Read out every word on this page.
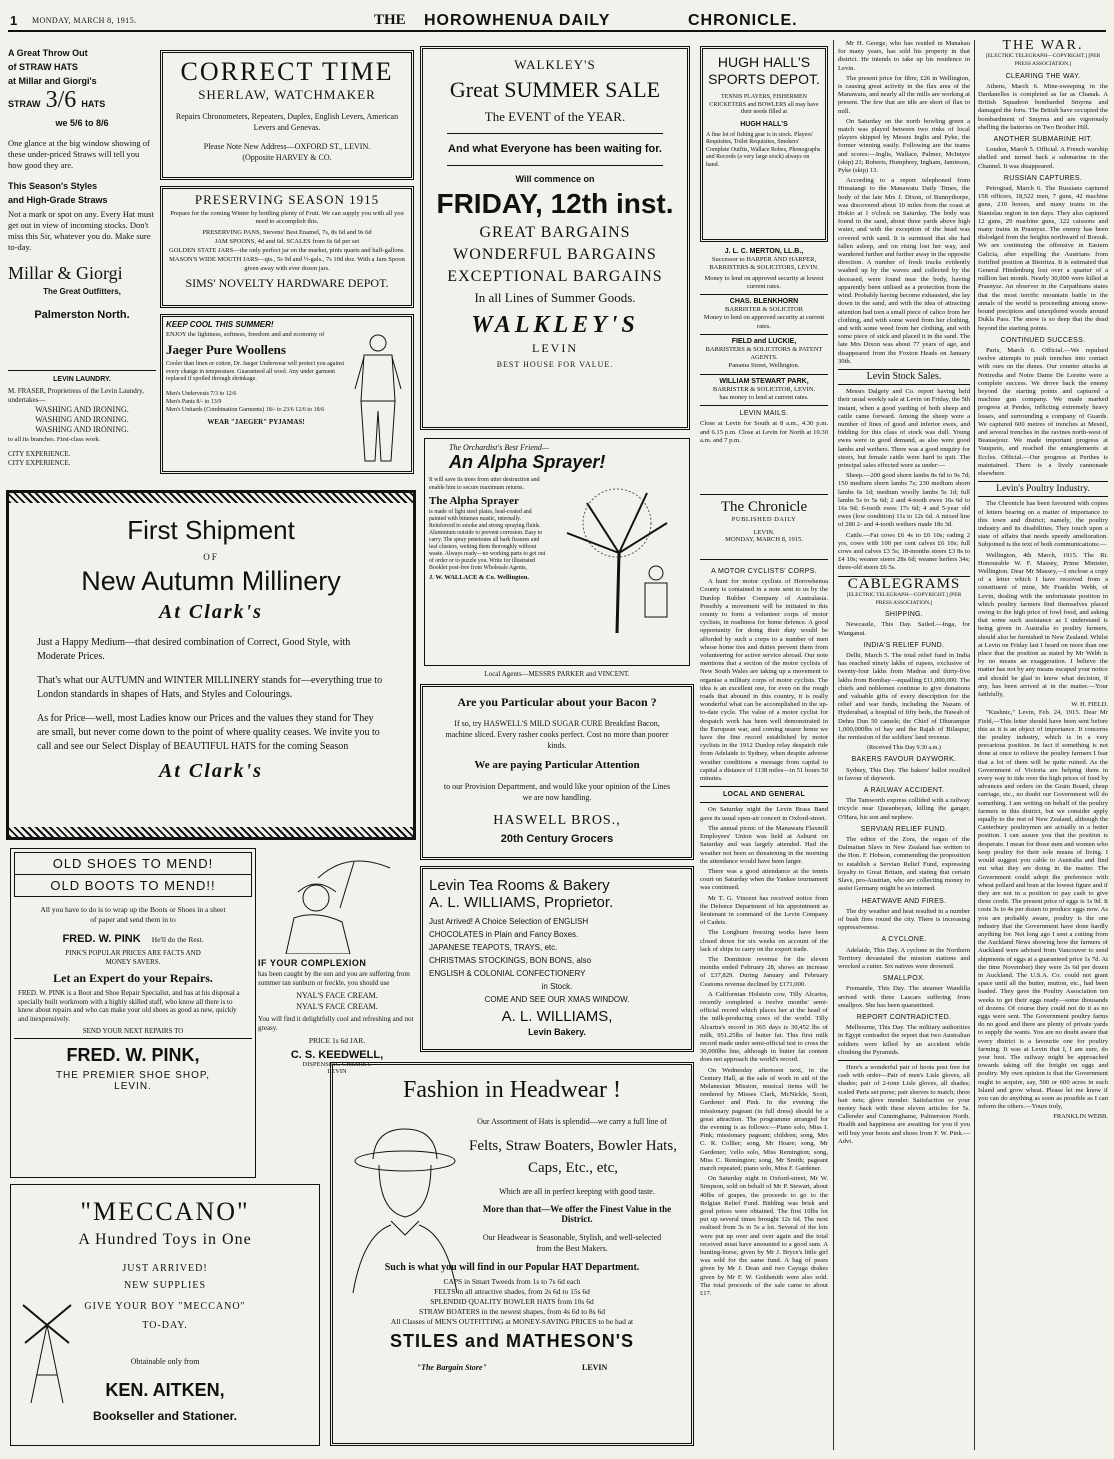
1 MONDAY, MARCH 8, 1915.	THE HOROWHENUA DAILY	CHRONICLE.
A Great Throw Out
of STRAW HATS
at Millar and Giorgi's
STRAW 3/6 HATS
we 5/6 to 8/6
One glance at the big window showing of these under-priced Straws will tell you how good they are.
This Season's Styles
and High-Grade Straws
Not a mark or spot on any. Every Hat must get out in view of incoming stocks. Don't miss this Sir, whatever you do. Make sure to-day.
Millar & Giorgi
The Great Outfitters,
Palmerston North.
LEVIN LAUNDRY.
M. FRASER, Proprietress of the Levin Laundry, undertakes—
WASHING AND IRONING.
WASHING AND IRONING.
WASHING AND IRONING.
to all its branches. First-class work.
CITY EXPERIENCE.
CITY EXPERIENCE.
CORRECT TIME
SHERLAW, WATCHMAKER
Repairs Chronometers, Repeaters, Duplex, English Levers, American Levers and Genevas.
Please Note New Address—OXFORD ST., LEVIN.
(Opposite HARVEY & CO.
PRESERVING SEASON 1915
Prepare for the coming Winter by bottling plenty of Fruit. We can supply you with all you need to accomplish this.
PRESERVING PANS, Stevens' Best Enamel, 7s, 8s 6d and 9s 6d
JAM SPOONS, 4d and 6d. SCALES from 6s 6d per set
GOLDEN STATE JARS—the only perfect jar on the market, pints quarts and half-gallons.
MASON'S WIDE MOUTH JARS—qts., 5s 9d and ½-gals., 7s 10d doz. With a Jam Spoon given away with ever dozen jars.
SIMS' NOVELTY HARDWARE DEPOT.
KEEP COOL THIS SUMMER!
ENJOY the lightness, softness, freedom and and economy of
Jaeger Pure Woollens
Cooler than linen or cotton, Dr. Jaeger Underwear will protect you against every change in temperature. Guaranteed all wool. Any under garment replaced if spoiled through shrinkage.
Men's Undervests 7/3 to 12/6
Men's Pants 8/- to 13/9
Men's Unitards (Combination Garments) 18/- to 23/6 12/6 to 18/6
WEAR "JAEGER" PYJAMAS!
First Shipment
OF
New Autumn Millinery
At Clark's
Just a Happy Medium—that desired combination of Correct, Good Style, with Moderate Prices.
That's what our AUTUMN and WINTER MILLINERY stands for—everything true to London standards in shapes of Hats, and Styles and Colourings.
As for Price—well, most Ladies know our Prices and the values they stand for They are small, but never come down to the point of where quality ceases. We invite you to call and see our Select Display of BEAUTIFUL HATS for the coming Season
At Clark's
OLD SHOES TO MEND!
OLD BOOTS TO MEND!!
All you have to do is to wrap up the Boots or Shoes in a sheet of paper and send them in to
FRED. W. PINK He'll do the Rest.
PINK'S POPULAR PRICES ARE FACTS AND MONEY SAVERS.
Let an Expert do your Repairs.
FRED. W. PINK is a Boot and Shoe Repair Specialist, and has at his disposal a specially built workroom with a highly skilled staff, who know all there is to know about repairs and who can make your old shoes as good as new, quickly and inexpensively.
SEND YOUR NEXT REPAIRS TO
FRED. W. PINK,
THE PREMIER SHOE SHOP,
LEVIN.
IF YOUR COMPLEXION
has been caught by the sun and you are suffering from summer tan sunburn or freckle, you should use
NYAL'S FACE CREAM.
NYAL'S FACE CREAM.
You will find it delightfully cool and refreshing and not greasy.
PRICE 1s 6d JAR.
C. S. KEEDWELL,
DISPENSING CHEMIST.
LEVIN
"MECCANO"
A Hundred Toys in One
JUST ARRIVED!
NEW SUPPLIES
GIVE YOUR BOY "MECCANO"
TO-DAY.
Obtainable only from
KEN. AITKEN,
Bookseller and Stationer.
WALKLEY'S
Great SUMMER SALE
The EVENT of the YEAR.
And what Everyone has been waiting for.
Will commence on
FRIDAY, 12th inst.
GREAT BARGAINS
WONDERFUL BARGAINS
EXCEPTIONAL BARGAINS
In all Lines of Summer Goods.
WALKLEY'S
LEVIN
BEST HOUSE FOR VALUE.
The Orchardist's Best Friend—
An Alpha Sprayer!
It will save its trees from utter destruction and enable him to secure maximum returns.
The Alpha Sprayer
is made of light steel plates, lead-coated and painted with bitumen mastic, internally. Reinforced to smoke and strong spraying fluids. Aluminium outside to prevent corrosion. Easy to carry. The spray penetrates all bark fissures and leaf clusters, wetting them thoroughly without waste. Always ready—no working parts to get out of order or to puzzle you. Write for illustrated Booklet post-free from Wholesale Agents,
J. W. WALLACE & Co. Wellington.
Local Agents—MESSRS PARKER and VINCENT.
Are you Particular about your Bacon ?
If so, try HASWELL'S MILD SUGAR CURE Breakfast Bacon, machine sliced. Every rasher cooks perfect. Cost no more than poorer kinds.
We are paying Particular Attention
to our Provision Department, and would like your opinion of the Lines we are now handling.
HASWELL BROS.,
20th Century Grocers
Levin Tea Rooms & Bakery
A. L. WILLIAMS, Proprietor.
Just Arrived! A Choice Selection of ENGLISH
CHOCOLATES in Plain and Fancy Boxes.
JAPANESE TEAPOTS, TRAYS, etc.
CHRISTMAS STOCKINGS, BON BONS, also
ENGLISH & COLONIAL CONFECTIONERY
in Stock.
COME AND SEE OUR XMAS WINDOW.
A. L. WILLIAMS,
Levin Bakery.
Fashion in Headwear !
Our Assortment of Hats is splendid—we carry a full line of
Felts, Straw Boaters, Bowler Hats, Caps, Etc., etc,
Which are all in perfect keeping with good taste.
More than that—We offer the Finest Value in the District.
Our Headwear is Seasonable, Stylish, and well-selected from the Best Makers.
Such is what you will find in our Popular HAT Department.
CAPS in Smart Tweeds from 1s to 7s 6d each
FELTS in all attractive shades, from 2s 6d to 15s 6d
SPLENDID QUALITY BOWLER HATS from 10s 6d
STRAW BOATERS in the newest shapes, from 4s 6d to 8s 6d
All Classes of MEN'S OUTFITTING at MONEY-SAVING PRICES to be had at
STILES and MATHESON'S
"The Bargain Store"	LEVIN
HUGH HALL'S SPORTS DEPOT.
TENNIS PLAYERS, FISHERMEN CRICKETERS and BOWLERS all may have their needs filled at
HUGH HALL'S
A fine lot of fishing gear is in stock. Players' Requisites, Toilet Requisites, Smokers' Complete Outfits, Wallace Robes, Phonographs and Records (a very large stock) always on hand.
J. L. C. MERTON, LL.B.,
Successor to HARPER AND HARPER, BARRISTERS & SOLICITORS, LEVIN.
Money to lend on approved security at lowest current rates.
CHAS. BLENKHORN
BARRISTER & SOLICITOR
Money to lend on approved security at current rates.
FIELD and LUCKIE,
BARRISTERS & SOLICITORS & PATENT AGENTS.
Panama Street, Wellington.
WILLIAM STEWART PARK,
BARRISTER & SOLICITOR, LEVIN.
has money to lend at current rates.
LEVIN MAILS.
Close at Levin for South at 8 a.m., 4.30 p.m. and 6.15 p.m. Close at Levin for North at 10.30 a.m. and 7 p.m.
The Chronicle
PUBLISHED DAILY
LEVIN.
MONDAY, MARCH 8, 1915.
A MOTOR CYCLISTS' CORPS.

A hunt for motor cyclists of Horowhenua County is contained in a note sent to us by the Dunlop Rubber Company of Australasia. Possibly a movement will be initiated in this county to form a volunteer corps of motor cyclists, in readiness for home defence. A good opportunity for doing their duty would be afforded by such a corps to a number of men whose home ties and duties prevent them from volunteering for active service abroad. Our note mentions that a section of the motor cyclists of New South Wales are taking up a movement to organise a military corps of motor cyclists. The idea is an excellent one, for even on the rough roads that abound in this country, it is really wonderful what can be accomplished in the up-to-date cycle. The value of a motor cyclist for despatch work has been well demonstrated in the European war, and coming nearer home we have the fine record established by motor cyclists in the 1912 Dunlop relay despatch ride from Adelaide to Sydney, when despite adverse weather conditions a message from capital to capital a distance of 1138 miles—in 51 hours 50 minutes.

LOCAL AND GENERAL

On Saturday night the Levin Brass Band gave its usual open-air concert in Oxford-street.

The annual picnic of the Manawatu Flaxmill Employees' Union was held at Ashurst on Saturday and was largely attended. Had the weather not been so threatening in the morning the attendance would have been larger.

There was a good attendance at the tennis court on Saturday when the Yankee tournament was continued.

Mr T. G. Vincent has received notice from the Defence Department of his appointment as lieutenant in command of the Levin Company of Cadets.

The Longburn freezing works have been closed down for six weeks on account of the lack of ships to carry on the export trade.

The Dominion revenue for the eleven months ended February 28, shows an increase of £37,829. During January and February Customs revenue declined by £171,000.

A Californian Holstein cow, Tilly Alcartra, recently completed a twelve months' semi-official record which places her at the head of the milk-producing cows of the world. Tilly Alcartra's record in 365 days is 30,452 lbs of milk, 951.25lbs of butter fat. This first milk record made under semi-official test to cross the 30,000lbs line, although in butter fat content does not approach the world's record.

On Wednesday afternoon next, in the Century Hall, at the sale of work in aid of the Melanesian Mission, musical items will be rendered by Misses Clark, McNickle, Scott, Gardener and Pink. In the evening the missionary pageant (in full dress) should be a great attraction. The programme arranged for the evening is as follows:—Piano solo, Miss I. Pink; missionary pageant; children; song, Mrs C. R. Collier; song, Mr Hoare; song, Mr Gardener; 'cello solo, Miss Remington; song, Miss C. Remington; song, Mr Smith; pageant march repeated; piano solo, Miss F. Gardener.

On Saturday night in Oxford-street, Mr W. Simpson, sold on behalf of Mr P. Stewart, about 40lbs of grapes, the proceeds to go to the Belgian Relief Fund. Bidding was brisk and good prices were obtained. The first 10lbs lot put up several times brought 12s 6d. The next realised from 3s to 5s a lot. Several of the lots were put up over and over again and the total received must have amounted to a good sum. A hunting-horse, given by Mr J. Bryce's little girl was sold for the same fund. A bag of pears given by Mr J. Dean and two Cayuga drakes given by Mr F. W. Goldsmith were also sold. The total proceeds of the sale came to about £17.

Mr H. George, who has resided in Manakau for many years, has sold his property in that district. He intends to take up his residence in Levin.

The present price for fibre, £26 in Wellington, is causing great activity in the flax area of the Manawatu, and nearly all the mills are working at present. The few that are idle are short of flax to mill.

On Saturday on the north bowling green a match was played between two rinks of local players skipped by Messrs Inglis and Pyke, the former winning easily. Following are the teams and scores:—Inglis, Wallace, Palmer, McIntyre (skip) 21; Roberts, Humphrey, Ingham, Jamieson, Pyke (skip) 13.

According to a report telephoned from Himatangi to the Manawatu Daily Times, the body of the late Mrs J. Dixon, of Bunnythorpe, was discovered about 10 miles from the coast at Hokio at 1 o'clock on Saturday. The body was found in the sand, about three yards above high water, and with the exception of the head was covered with sand. It is surmised that she had fallen asleep, and on rising lost her way, and wandered further and further away in the opposite direction. A number of fresh tracks evidently washed up by the waves and collected by the deceased, were found near the body, having apparently been utilised as a protection from the wind. Probably having become exhausted, she lay down in the sand, and with the idea of attracting attention had torn a small piece of calico from her clothing, and with some weed from her clothing, and with some weed from her clothing, and with some piece of stick and placed it in the sand. The late Mrs Dixon was about 77 years of age, and disappeared from the Foxton Heads on January 30th.

Levin Stock Sales.

Messrs Dalgety and Co. report having held their usual weekly sale at Levin on Friday, the 5th instant, when a good yarding of both sheep and cattle came forward. Among the sheep were a number of lines of good and inferior ewes, and bidding for this class of stock was dull. Young ewes were in good demand, as also were good lambs and wethers. There was a good enquiry for steers, but female cattle were hard to quit. The principal sales effected were as under:—

Sheep.—200 good shorn lambs 8s 6d to 9s 7d; 150 medium shorn lambs 7s; 230 medium shorn lambs 6s 1d; medium woolly lambs 5s 1d; full lambs 5s to 5s 6d; 2 and 4-tooth ewes 16s 6d to 16s 9d; 6-tooth ewes 17s 6d; 4 and 5-year old ewes (low condition) 11s to 12s 6d. A mixed line of 280 2- and 4-tooth wethers made 18s 3d.

Cattle.—Fat cows £6 4s to £6 10s; rading 2 yrs, cows with 100 per cent calves £6 10s; full cows and calves £3 5s; 18-months steers £3 8s to £4 10s; weaner steers 28s 6d; weaner heifers 34s; three-old steers £6 5s.

CABLEGRAMS
[ELECTRIC TELEGRAPH—COPYRIGHT.] [PER PRESS ASSOCIATION.]
SHIPPING.

Newcastle, This Day. Sailed.—Inga, for Wanganui.

INDIA'S RELIEF FUND.

Delhi, March 5. The total relief fund in India has reached ninety lakhs of rupees, exclusive of twenty-four lakhs from Madras and thirty-five lakhs from Bombay—equalling £11,000,000. The chiefs and noblemen continue to give donations and valuable gifts of every description for the relief and war funds, including the Nazam of Hyderabad, a hospital of fifty beds, the Nawab of Dehra Dun 50 camels; the Chief of Dhurampur 1,000,000lbs of hay and the Rajah of Bilaspur, the remission of the soldiers' land revenue.

(Received This Day 9.30 a.m.)
BAKERS FAVOUR DAYWORK.

Sydney, This Day. The bakers' ballot resulted in favour of daywork.

A RAILWAY ACCIDENT.

The Tamworth express collided with a railway tricycle near Queanbeyan, killing the ganger, O'Hara, his son and nephew.

SERVIAN RELIEF FUND.

The editor of the Zora, the organ of the Dalmatian Slavs in New Zealand has written to the Hon. F. Hobson, commending the proposition to establish a Servian Relief Fund, expressing loyalty to Great Britain, and stating that certain Slavs, pro-Austrian, who are collecting money to assist Germany might be so interned.

HEATWAVE AND FIRES.

The dry weather and heat resulted in a number of bush fires round the city. There is increasing oppressiveness.

A CYCLONE.

Adelaide, This Day. A cyclone in the Northern Territory devastated the mission stations and wrecked a cutter. Six natives were drowned.

SMALLPOX.

Fremantle, This Day. The steamer Wandilla arrived with three Lascars suffering from smallpox. She has been quarantined.

REPORT CONTRADICTED.

Melbourne, This Day. The military authorities in Egypt contradict the report that two Australian soldiers were killed by an accident while climbing the Pyramids.

Here's a wonderful pair of boots post free for cash with order—Pair of men's Lisle gloves, all shades; pair of 2-tone Lisle gloves, all shades; scaled Paris set purse; pair sleeves to match; three hair nets; glove mender. Satisfaction or your money back with these eleven articles for 5s. Callender and Cunninghame, Palmerston North. Health and happiness are awaiting for you if you will buy your boots and shoes from F. W. Pink.—Advt.

THE WAR.
[ELECTRIC TELEGRAPH—COPYRIGHT.] [PER PRESS ASSOCIATION.]
CLEARING THE WAY.

Athens, March 6. Mine-sweeping in the Dardanelles is completed as far as Chanak. A British Squadron bombarded Smyrna and damaged the forts. The British have occupied the bombardment of Smyrna and are vigorously shelling the batteries on Two Brother Hill.

ANOTHER SUBMARINE HIT.

London, March 5. Official. A French warship shelled and turned back a submarine in the Channel. It was disappeared.

RUSSIAN CAPTURES.

Petrograd, March 6. The Russians captured 158 officers, 18,522 men, 7 guns, 42 machine guns, 210 horses, and many trains in the Stanislau region in ten days. They also captured 12 guns, 29 machine guns, 122 caissons and many trains in Prasnysz. The enemy has been dislodged from the heights northward of Borsuk. We are continuing the offensive in Eastern Galicia, after expelling the Austrians from fortified position at Bistritza. It is estimated that General Hindenburg lost over a quarter of a million last month. Nearly 30,000 were killed at Prasnysz. An observer in the Carpathians states that the most terrific mountain battle in the annals of the world is proceeding among snow-bound precipices and unexplored woods around Dukla Pass. The snow is so deep that the dead beyond the starting points.

CONTINUED SUCCESS.

Paris, March 6. Official.—We repulsed twelve attempts to push trenches into contact with ours on the dunes. Our counter attacks at Nottredia and Notre Dame De Lorette were a complete success. We drove back the enemy beyond the starting points and captured a machine gun company. We made marked progress at Perdes, inflicting extremely heavy losses, and surrounding a company of Guards. We captured 600 metres of trenches at Mesnil, and several trenches in the ravines north-west of Beausejour. We made important progress at Vauquois, and reached the entanglements at Eccles. Official.—Our progress at Perthes is maintained. There is a lively cannonade elsewhere.

Levin's Poultry Industry.

The Chronicle has been favoured with copies of letters bearing on a matter of importance to this town and district; namely, the poultry industry and its disabilities. They touch upon a state of affairs that needs speedy amelioration. Subjoined is the text of both communications:—

Wellington, 4th March, 1915. The Rt. Honourable W. F. Massey, Prime Minister, Wellington. Dear Mr Massey,—I enclose a copy of a letter which I have received from a constituent of mine, Mr Franklin Webb, of Levin, dealing with the unfortunate position in which poultry farmers find themselves placed owing to the high price of fowl food, and asking that some such assistance as I understand is being given in Australia to poultry farmers, should also be furnished in New Zealand. Whilst at Levin on Friday last I heard on more than one place that the position as stated by Mr Webb is by no means an exaggeration. I believe the matter has not by any means escaped your notice and should be glad to know what decision, if any, has been arrived at in the matter.—Your faithfully,

W. H. FIELD.

"Kushnic," Levin, Feb. 24, 1915. Dear Mr Field,—This letter should have been sent before this as it is an object of importance. It concerns the poultry industry, which is in a very precarious position. In fact if something is not done at once to relieve the poultry farmers I fear that a lot of them will be quite ruined. As the Government of Victoria are helping them in every way to tide over the high prices of food by advances and orders on the Grain Board, cheap carriage, etc., no doubt our Government will do something. I am writing on behalf of the poultry farmers in this district, but we consider apply equally to the rest of New Zealand, although the Canterbury poultrymen are actually in a better position. I can assure you that the position is desperate. I mean for those men and women who keep poultry for their sole means of living. I would suggest you cable to Australia and find out what they are doing in the matter. The Government could adopt the preference with wheat pollard and bran at the lowest figure and if they are not in a position to pay cash to give three credit. The present price of eggs is 1s 9d. It costs 3s to 4s per dozen to produce eggs now. As you are probably aware, poultry is the one industry that the Government have done hardly anything for. Not long ago I sent a cutting from the Auckland News showing how the farmers of Auckland were advised from Vancouver to send shipments of eggs at a guaranteed price 1s 7d. At the time November) they were 2s 6d per dozen in Auckland. The U.S.A. Co. could not grant space until all the butter, mutton, etc., had been loaded. They gave the Poultry Association ten weeks to get their eggs ready—some thousands of dozens. Of course they could not do it as no eggs were sent. The Government poultry farms do no good and there are plenty of private yards to supply the wants. You are no doubt aware that every district is a favourite one for poultry farming. It was at Levin that I, I am sure, do your best. The railway might be approached towards taking off the freight on eggs and poultry. My own opinion is that the Government ought to acquire, say, 500 or 600 acres in each Island and grow wheat. Please let me know if you can do anything as soon as possible as I can inform the others.—Yours truly,

FRANKLIN WEBB.
